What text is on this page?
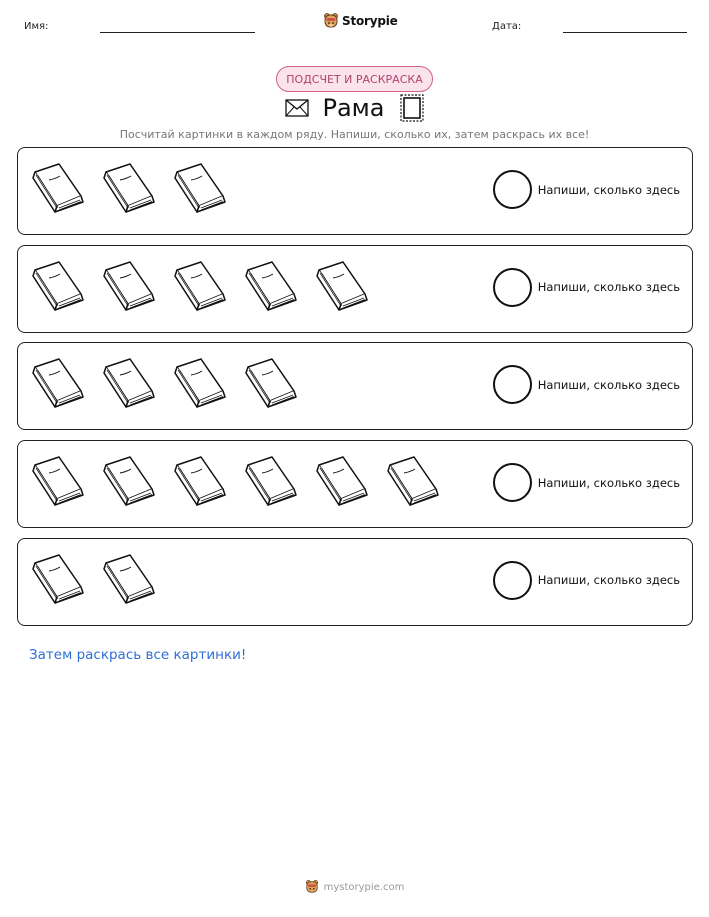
Имя:	Storypie	Дата:
ПОДСЧЕТ И РАСКРАСКА
Рама
Посчитай картинки в каждом ряду. Напиши, сколько их, затем раскрась их все!
Напиши, сколько здесь
Напиши, сколько здесь
Напиши, сколько здесь
Напиши, сколько здесь
Напиши, сколько здесь
Затем раскрась все картинки!
mystorypie.com
